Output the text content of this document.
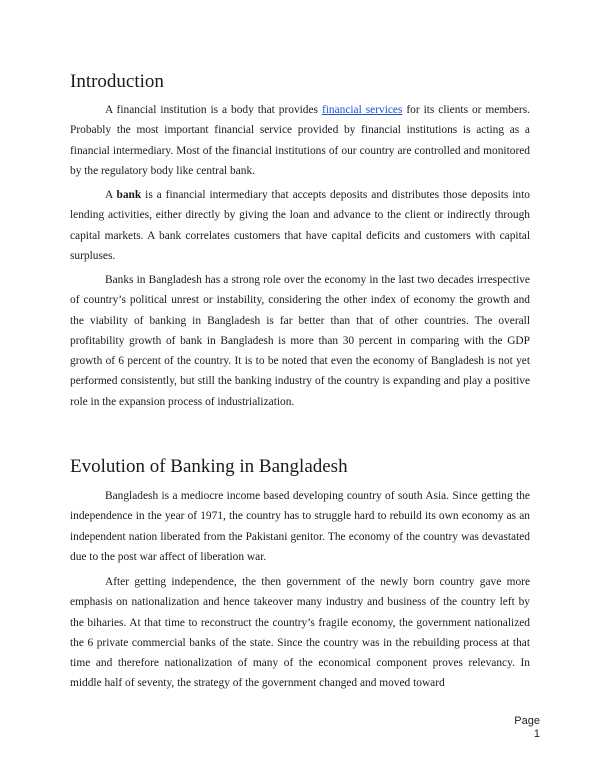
Introduction

A financial institution is a body that provides financial services for its clients or members. Probably the most important financial service provided by financial institutions is acting as a financial intermediary. Most of the financial institutions of our country are controlled and monitored by the regulatory body like central bank.

A bank is a financial intermediary that accepts deposits and distributes those deposits into lending activities, either directly by giving the loan and advance to the client or indirectly through capital markets. A bank correlates customers that have capital deficits and customers with capital surpluses.

Banks in Bangladesh has a strong role over the economy in the last two decades irrespective of country’s political unrest or instability, considering the other index of economy the growth and the viability of banking in Bangladesh is far better than that of other countries. The overall profitability growth of bank in Bangladesh is more than 30 percent in comparing with the GDP growth of 6 percent of the country. It is to be noted that even the economy of Bangladesh is not yet performed consistently, but still the banking industry of the country is expanding and play a positive role in the expansion process of industrialization.

Evolution of Banking in Bangladesh

Bangladesh is a mediocre income based developing country of south Asia. Since getting the independence in the year of 1971, the country has to struggle hard to rebuild its own economy as an independent nation liberated from the Pakistani genitor. The economy of the country was devastated due to the post war affect of liberation war.

After getting independence, the then government of the newly born country gave more emphasis on nationalization and hence takeover many industry and business of the country left by the biharies. At that time to reconstruct the country’s fragile economy, the government nationalized the 6 private commercial banks of the state. Since the country was in the rebuilding process at that time and therefore nationalization of many of the economical component proves relevancy. In middle half of seventy, the strategy of the government changed and moved toward

Page
1
